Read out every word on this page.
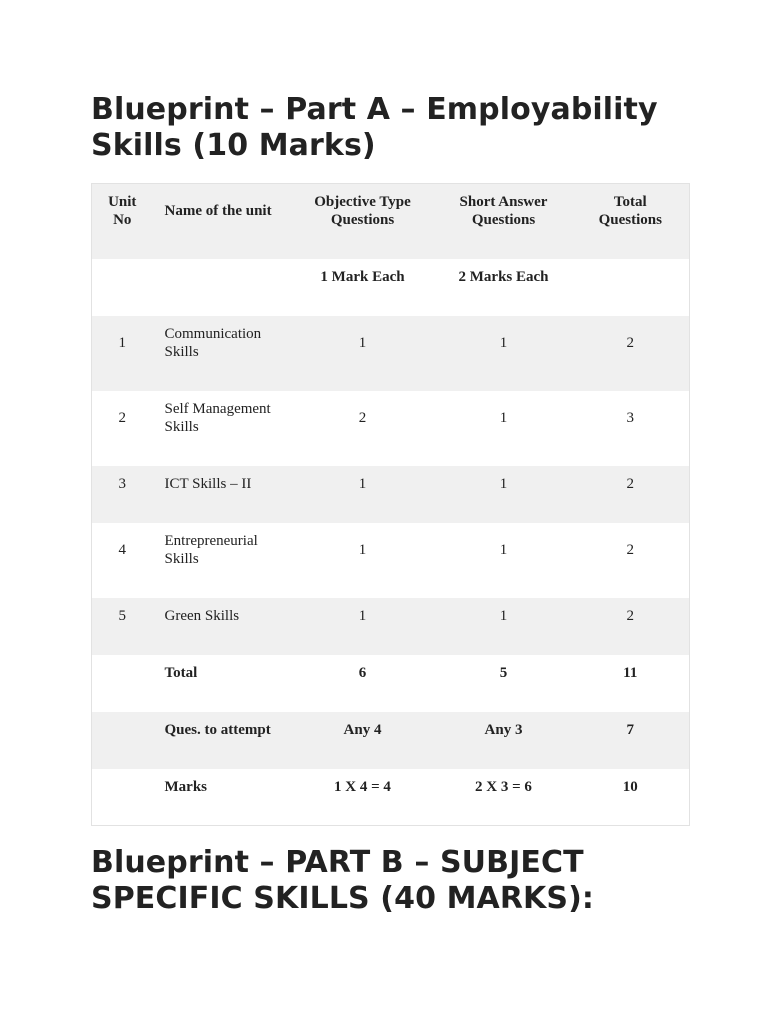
Blueprint – Part A – Employability Skills (10 Marks)
Unit No	Name of the unit	Objective Type Questions	Short Answer Questions	Total Questions
		1 Mark Each	2 Marks Each	
1	Communication Skills	1	1	2
2	Self Management Skills	2	1	3
3	ICT Skills – II	1	1	2
4	Entrepreneurial Skills	1	1	2
5	Green Skills	1	1	2
	Total	6	5	11
	Ques. to attempt	Any 4	Any 3	7
	Marks	1 X 4 = 4	2 X 3 = 6	10
Blueprint – PART B – SUBJECT SPECIFIC SKILLS (40 MARKS):
